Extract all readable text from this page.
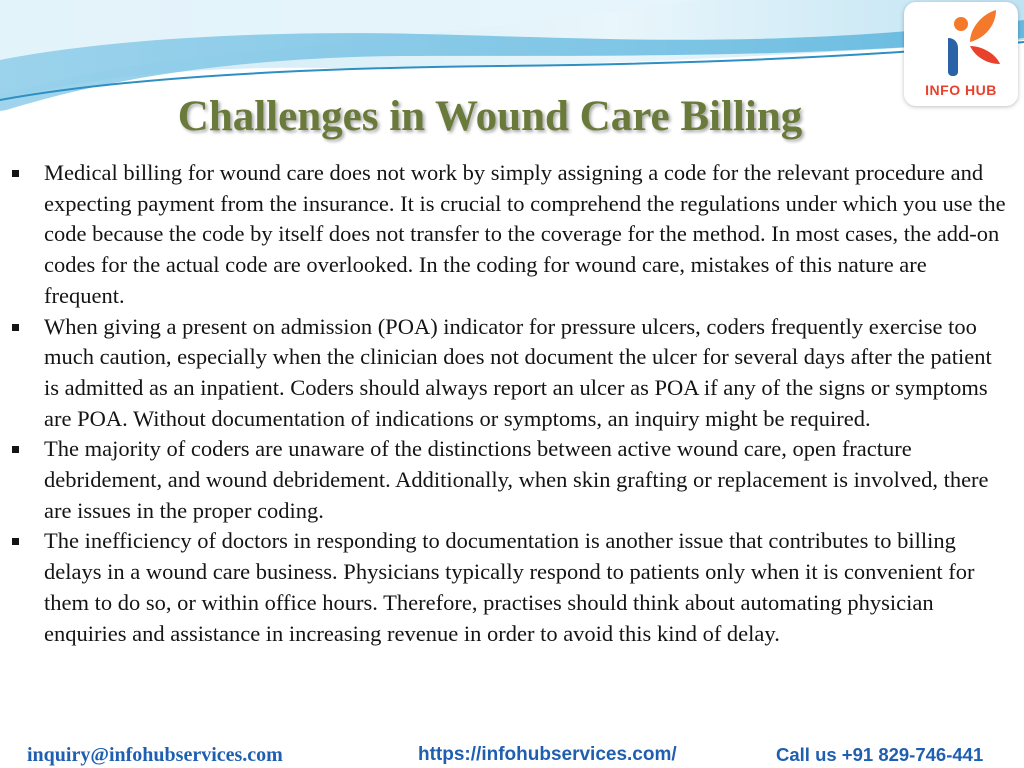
INFO HUB
Challenges in Wound Care Billing
Medical billing for wound care does not work by simply assigning a code for the relevant procedure and expecting payment from the insurance. It is crucial to comprehend the regulations under which you use the code because the code by itself does not transfer to the coverage for the method. In most cases, the add-on codes for the actual code are overlooked. In the coding for wound care, mistakes of this nature are frequent.
When giving a present on admission (POA) indicator for pressure ulcers, coders frequently exercise too much caution, especially when the clinician does not document the ulcer for several days after the patient is admitted as an inpatient. Coders should always report an ulcer as POA if any of the signs or symptoms are POA. Without documentation of indications or symptoms, an inquiry might be required.
The majority of coders are unaware of the distinctions between active wound care, open fracture debridement, and wound debridement. Additionally, when skin grafting or replacement is involved, there are issues in the proper coding.
The inefficiency of doctors in responding to documentation is another issue that contributes to billing delays in a wound care business. Physicians typically respond to patients only when it is convenient for them to do so, or within office hours. Therefore, practises should think about automating physician enquiries and assistance in increasing revenue in order to avoid this kind of delay.
inquiry@infohubservices.com	https://infohubservices.com/	Call us +91 829-746-441
